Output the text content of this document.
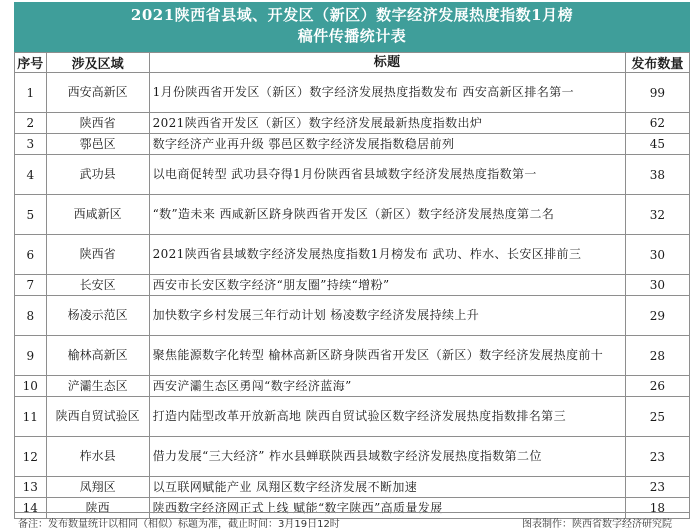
2021陕西省县域、开发区（新区）数字经济发展热度指数1月榜
稿件传播统计表
序号	涉及区域	标题	发布数量
1	西安高新区	1月份陕西省开发区（新区）数字经济发展热度指数发布 西安高新区排名第一	99
2	陕西省	2021陕西省开发区（新区）数字经济发展最新热度指数出炉	62
3	鄠邑区	数字经济产业再升级 鄠邑区数字经济发展指数稳居前列	45
4	武功县	以电商促转型 武功县夺得1月份陕西省县域数字经济发展热度指数第一	38
5	西咸新区	“数”造未来 西咸新区跻身陕西省开发区（新区）数字经济发展热度第二名	32
6	陕西省	2021陕西省县域数字经济发展热度指数1月榜发布 武功、柞水、长安区排前三	30
7	长安区	西安市长安区数字经济“朋友圈”持续“增粉”	30
8	杨凌示范区	加快数字乡村发展三年行动计划 杨凌数字经济发展持续上升	29
9	榆林高新区	聚焦能源数字化转型 榆林高新区跻身陕西省开发区（新区）数字经济发展热度前十	28
10	浐灞生态区	西安浐灞生态区勇闯“数字经济蓝海”	26
11	陕西自贸试验区	打造内陆型改革开放新高地 陕西自贸试验区数字经济发展热度指数排名第三	25
12	柞水县	借力发展“三大经济” 柞水县蝉联陕西县域数字经济发展热度指数第二位	23
13	凤翔区	以互联网赋能产业 凤翔区数字经济发展不断加速	23
14	陕西	陕西数字经济网正式上线 赋能“数字陕西”高质量发展	18
备注：发布数量统计以相同（相似）标题为准，截止时间：3月19日12时	图表制作：陕西省数字经济研究院
